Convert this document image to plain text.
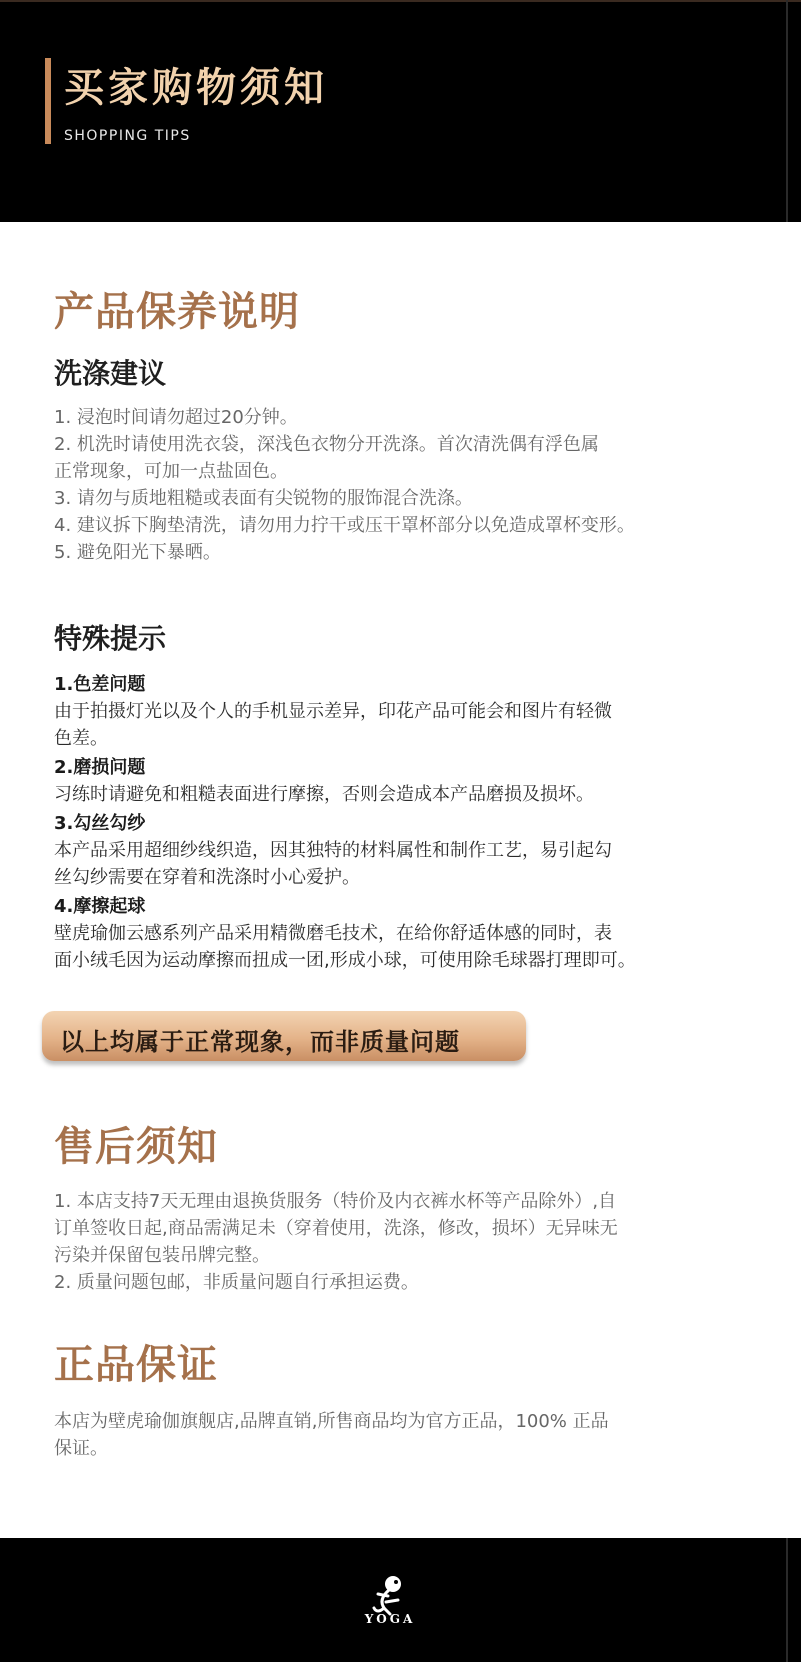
买家购物须知
SHOPPING TIPS
产品保养说明
洗涤建议
1. 浸泡时间请勿超过20分钟。
2. 机洗时请使用洗衣袋，深浅色衣物分开洗涤。首次清洗偶有浮色属
正常现象，可加一点盐固色。
3. 请勿与质地粗糙或表面有尖锐物的服饰混合洗涤。
4. 建议拆下胸垫清洗，请勿用力拧干或压干罩杯部分以免造成罩杯变形。
5. 避免阳光下暴晒。
特殊提示
1.色差问题
由于拍摄灯光以及个人的手机显示差异，印花产品可能会和图片有轻微
色差。
2.磨损问题
习练时请避免和粗糙表面进行摩擦，否则会造成本产品磨损及损坏。
3.勾丝勾纱
本产品采用超细纱线织造，因其独特的材料属性和制作工艺，易引起勾
丝勾纱需要在穿着和洗涤时小心爱护。
4.摩擦起球
壁虎瑜伽云感系列产品采用精微磨毛技术，在给你舒适体感的同时，表
面小绒毛因为运动摩擦而扭成一团,形成小球，可使用除毛球器打理即可。
以上均属于正常现象，而非质量问题
售后须知
1. 本店支持7天无理由退换货服务（特价及内衣裤水杯等产品除外）,自
订单签收日起,商品需满足未（穿着使用，洗涤，修改，损坏）无异味无
污染并保留包装吊牌完整。
2. 质量问题包邮，非质量问题自行承担运费。
正品保证
本店为壁虎瑜伽旗舰店,品牌直销,所售商品均为官方正品，100% 正品
保证。
YOGA
